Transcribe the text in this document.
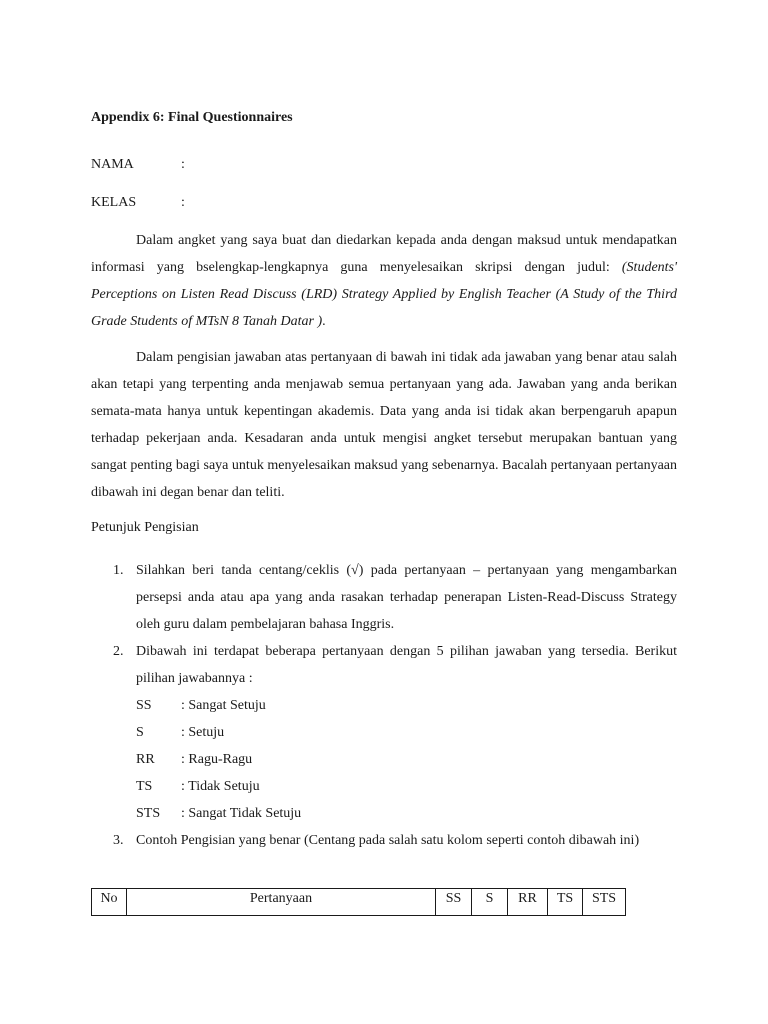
Appendix 6: Final Questionnaires
NAMA	:
KELAS	:

Dalam angket yang saya buat dan diedarkan kepada anda dengan maksud untuk mendapatkan informasi yang bselengkap-lengkapnya guna menyelesaikan skripsi dengan judul: (Students' Perceptions on Listen Read Discuss (LRD) Strategy Applied by English Teacher (A Study of the Third Grade Students of MTsN 8 Tanah Datar ).

Dalam pengisian jawaban atas pertanyaan di bawah ini tidak ada jawaban yang benar atau salah akan tetapi yang terpenting anda menjawab semua pertanyaan yang ada. Jawaban yang anda berikan semata-mata hanya untuk kepentingan akademis. Data yang anda isi tidak akan berpengaruh apapun terhadap pekerjaan anda. Kesadaran anda untuk mengisi angket tersebut merupakan bantuan yang sangat penting bagi saya untuk menyelesaikan maksud yang sebenarnya. Bacalah pertanyaan pertanyaan dibawah ini degan benar dan teliti.

Petunjuk Pengisian
1. Silahkan beri tanda centang/ceklis (√) pada pertanyaan – pertanyaan yang mengambarkan persepsi anda atau apa yang anda rasakan terhadap penerapan Listen-Read-Discuss Strategy oleh guru dalam pembelajaran bahasa Inggris.
2. Dibawah ini terdapat beberapa pertanyaan dengan 5 pilihan jawaban yang tersedia. Berikut pilihan jawabannya :
SS : Sangat Setuju
S	: Setuju
RR : Ragu-Ragu
TS : Tidak Setuju
STS : Sangat Tidak Setuju
3. Contoh Pengisian yang benar (Centang pada salah satu kolom seperti contoh dibawah ini)
No	Pertanyaan	SS	S	RR	TS	STS
